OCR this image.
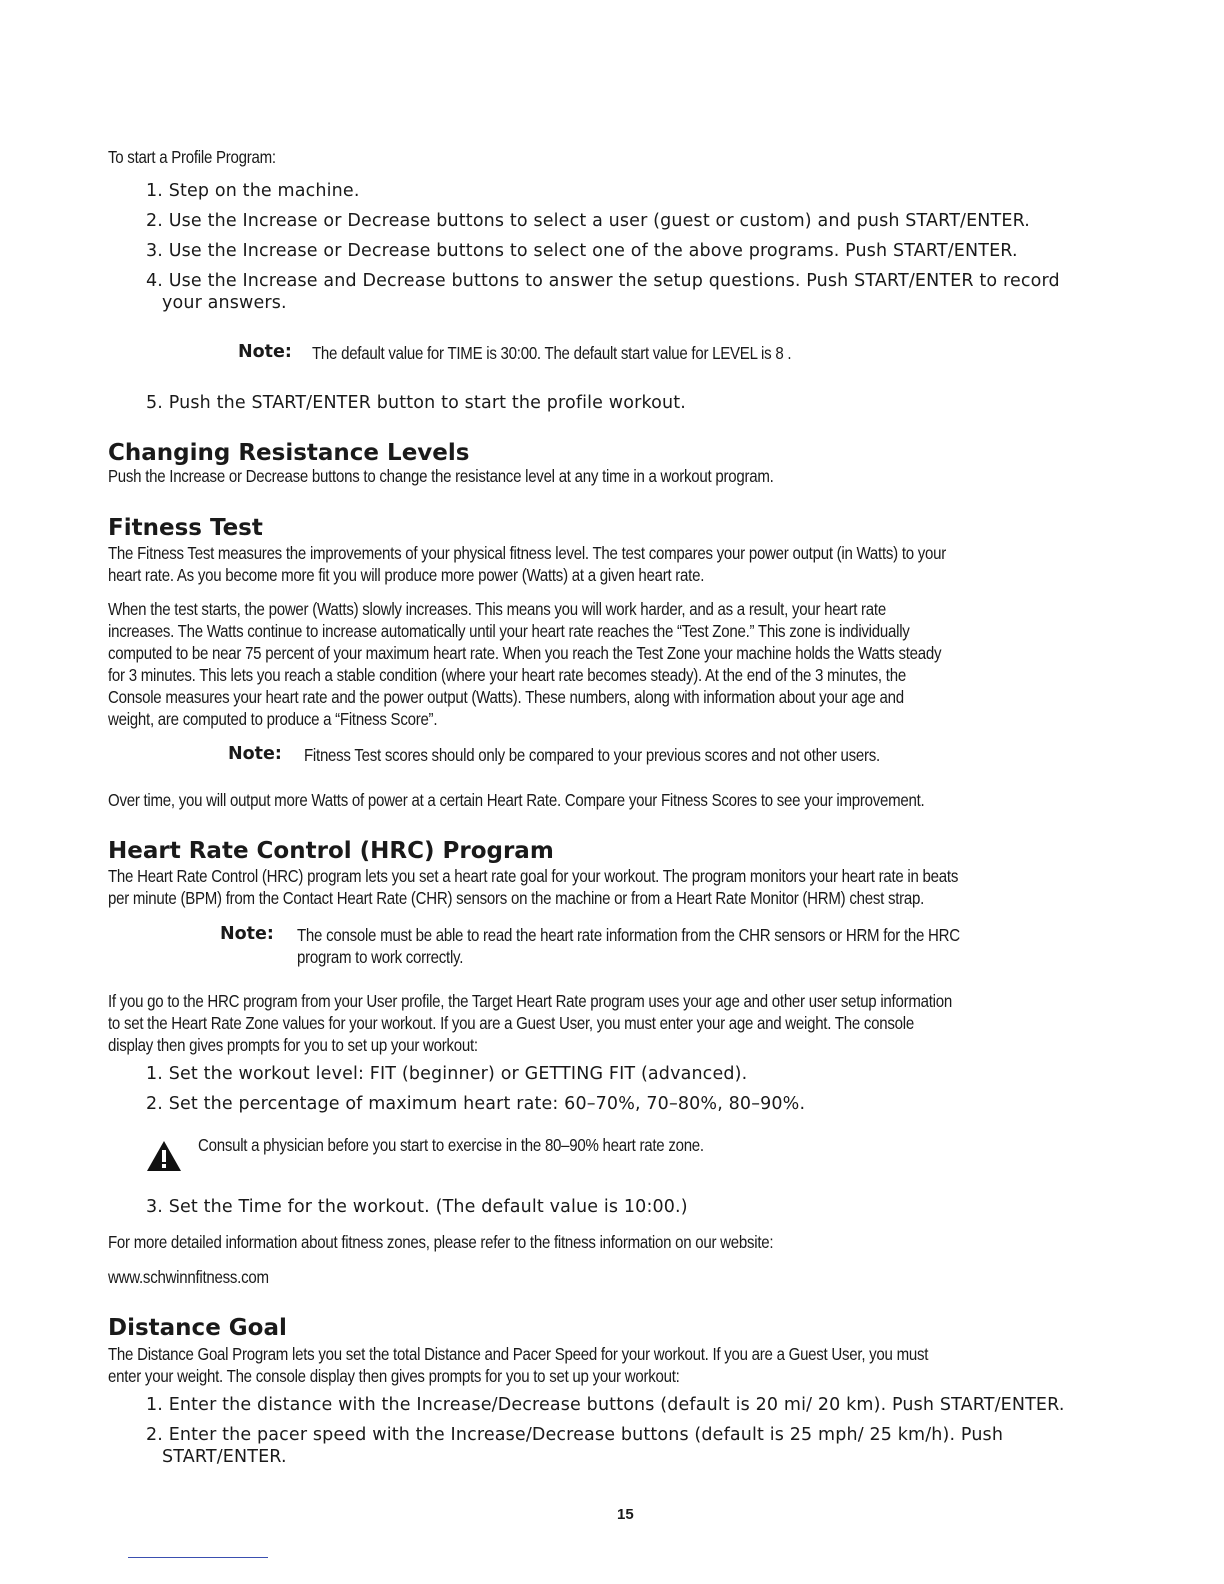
To start a Profile Program:
1. Step on the machine.
2. Use the Increase or Decrease buttons to select a user (guest or custom) and push START/ENTER.
3. Use the Increase or Decrease buttons to select one of the above programs. Push START/ENTER.
4. Use the Increase and Decrease buttons to answer the setup questions. Push START/ENTER to record
your answers.
Note: The default value for TIME is 30:00. The default start value for LEVEL is 8 .
5. Push the START/ENTER button to start the profile workout.
Changing Resistance Levels
Push the Increase or Decrease buttons to change the resistance level at any time in a workout program.
Fitness Test
The Fitness Test measures the improvements of your physical fitness level. The test compares your power output (in Watts) to your
heart rate. As you become more fit you will produce more power (Watts) at a given heart rate.
When the test starts, the power (Watts) slowly increases. This means you will work harder, and as a result, your heart rate
increases. The Watts continue to increase automatically until your heart rate reaches the “Test Zone.” This zone is individually
computed to be near 75 percent of your maximum heart rate. When you reach the Test Zone your machine holds the Watts steady
for 3 minutes. This lets you reach a stable condition (where your heart rate becomes steady). At the end of the 3 minutes, the
Console measures your heart rate and the power output (Watts). These numbers, along with information about your age and
weight, are computed to produce a “Fitness Score”.
Note: Fitness Test scores should only be compared to your previous scores and not other users.
Over time, you will output more Watts of power at a certain Heart Rate. Compare your Fitness Scores to see your improvement.
Heart Rate Control (HRC) Program
The Heart Rate Control (HRC) program lets you set a heart rate goal for your workout. The program monitors your heart rate in beats
per minute (BPM) from the Contact Heart Rate (CHR) sensors on the machine or from a Heart Rate Monitor (HRM) chest strap.
Note: The console must be able to read the heart rate information from the CHR sensors or HRM for the HRC
program to work correctly.
If you go to the HRC program from your User profile, the Target Heart Rate program uses your age and other user setup information
to set the Heart Rate Zone values for your workout. If you are a Guest User, you must enter your age and weight. The console
display then gives prompts for you to set up your workout:
1. Set the workout level: FIT (beginner) or GETTING FIT (advanced).
2. Set the percentage of maximum heart rate: 60–70%, 70–80%, 80–90%.
Consult a physician before you start to exercise in the 80–90% heart rate zone.
3. Set the Time for the workout. (The default value is 10:00.)
For more detailed information about fitness zones, please refer to the fitness information on our website:
www.schwinnfitness.com
Distance Goal
The Distance Goal Program lets you set the total Distance and Pacer Speed for your workout. If you are a Guest User, you must
enter your weight. The console display then gives prompts for you to set up your workout:
1. Enter the distance with the Increase/Decrease buttons (default is 20 mi/ 20 km). Push START/ENTER.
2. Enter the pacer speed with the Increase/Decrease buttons (default is 25 mph/ 25 km/h). Push
START/ENTER.
15
